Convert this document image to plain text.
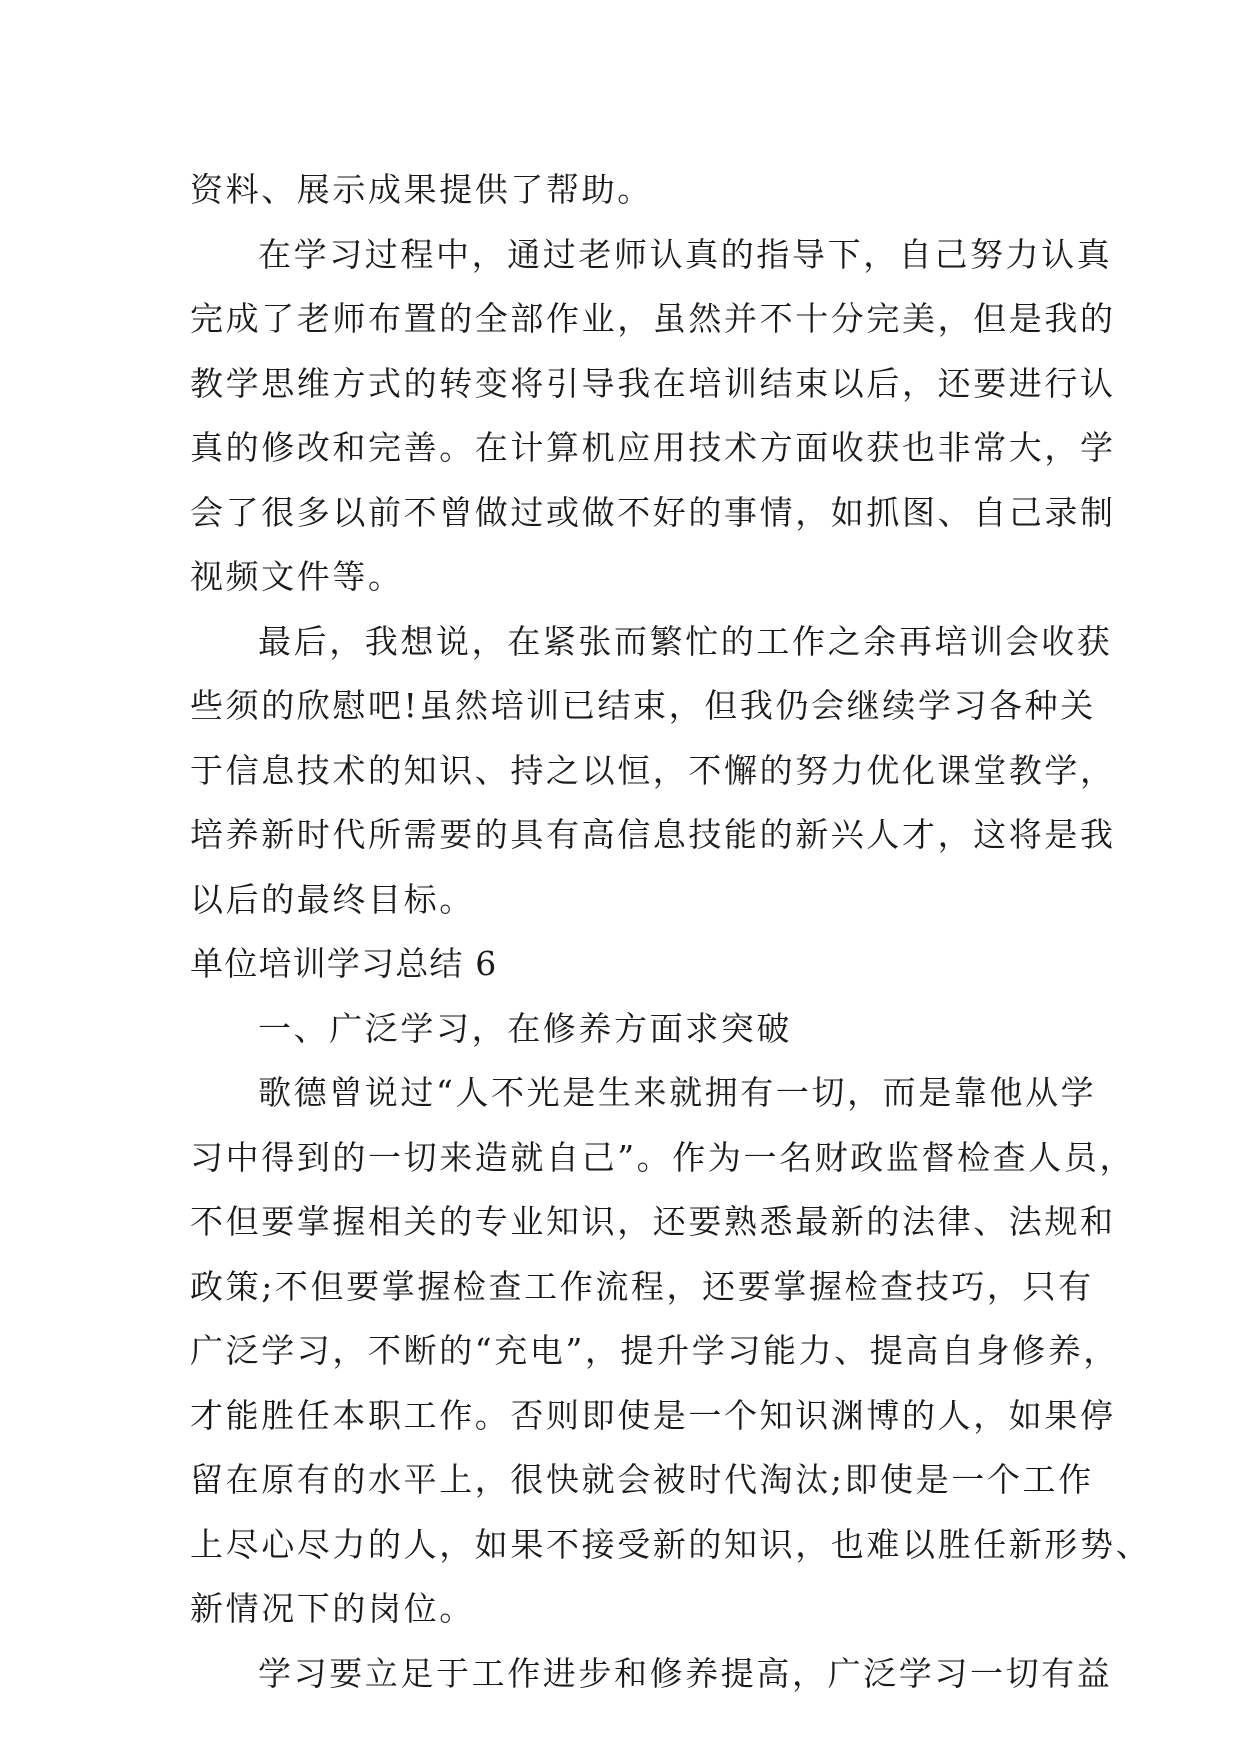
资料、展示成果提供了帮助。
在学习过程中，通过老师认真的指导下，自己努力认真
完成了老师布置的全部作业，虽然并不十分完美，但是我的
教学思维方式的转变将引导我在培训结束以后，还要进行认
真的修改和完善。在计算机应用技术方面收获也非常大，学
会了很多以前不曾做过或做不好的事情，如抓图、自己录制
视频文件等。
最后，我想说，在紧张而繁忙的工作之余再培训会收获
些须的欣慰吧!虽然培训已结束，但我仍会继续学习各种关
于信息技术的知识、持之以恒，不懈的努力优化课堂教学，
培养新时代所需要的具有高信息技能的新兴人才，这将是我
以后的最终目标。
单位培训学习总结 6
一、广泛学习，在修养方面求突破
歌德曾说过“人不光是生来就拥有一切，而是靠他从学
习中得到的一切来造就自己”。作为一名财政监督检查人员，
不但要掌握相关的专业知识，还要熟悉最新的法律、法规和
政策;不但要掌握检查工作流程，还要掌握检查技巧，只有
广泛学习，不断的“充电”，提升学习能力、提高自身修养，
才能胜任本职工作。否则即使是一个知识渊博的人，如果停
留在原有的水平上，很快就会被时代淘汰;即使是一个工作
上尽心尽力的人，如果不接受新的知识，也难以胜任新形势、
新情况下的岗位。
学习要立足于工作进步和修养提高，广泛学习一切有益
